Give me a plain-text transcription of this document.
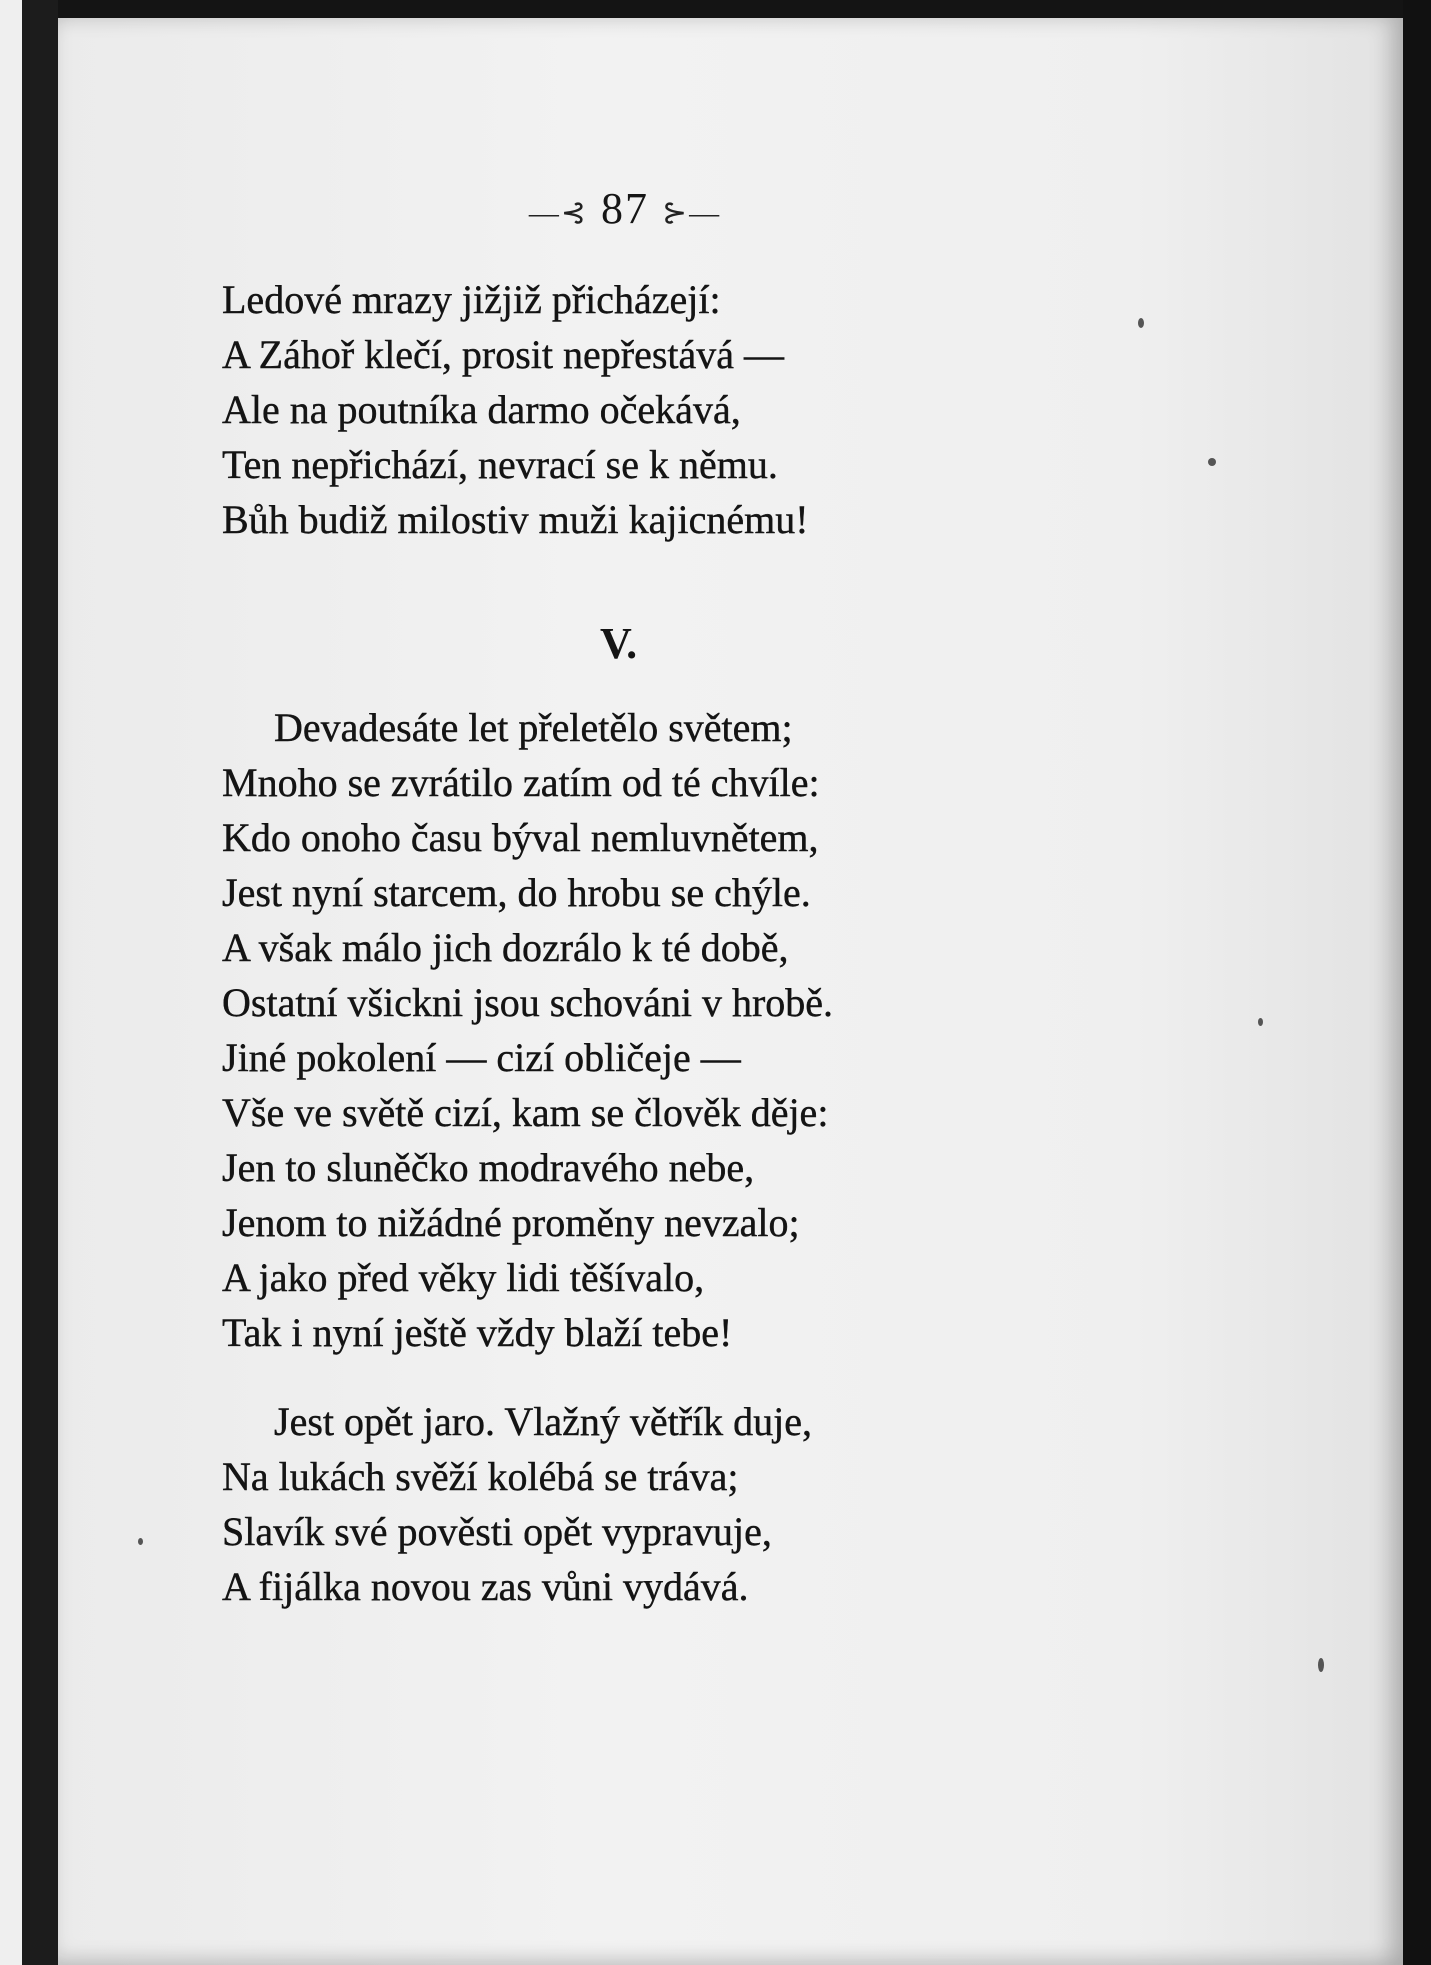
—⊰ 87 ⊱—
Ledové mrazy jižjiž přicházejí:
A Záhoř klečí, prosit nepřestává —
Ale na poutníka darmo očekává,
Ten nepřichází, nevrací se k němu.
Bůh budiž milostiv muži kajicnému!
V.
Devadesáte let přeletělo světem;
Mnoho se zvrátilo zatím od té chvíle:
Kdo onoho času býval nemluvnětem,
Jest nyní starcem, do hrobu se chýle.
A však málo jich dozrálo k té době,
Ostatní všickni jsou schováni v hrobě.
Jiné pokolení — cizí obličeje —
Vše ve světě cizí, kam se člověk děje:
Jen to sluněčko modravého nebe,
Jenom to nižádné proměny nevzalo;
A jako před věky lidi těšívalo,
Tak i nyní ještě vždy blaží tebe!
Jest opět jaro. Vlažný větřík duje,
Na lukách svěží kolébá se tráva;
Slavík své pověsti opět vypravuje,
A fijálka novou zas vůni vydává.
